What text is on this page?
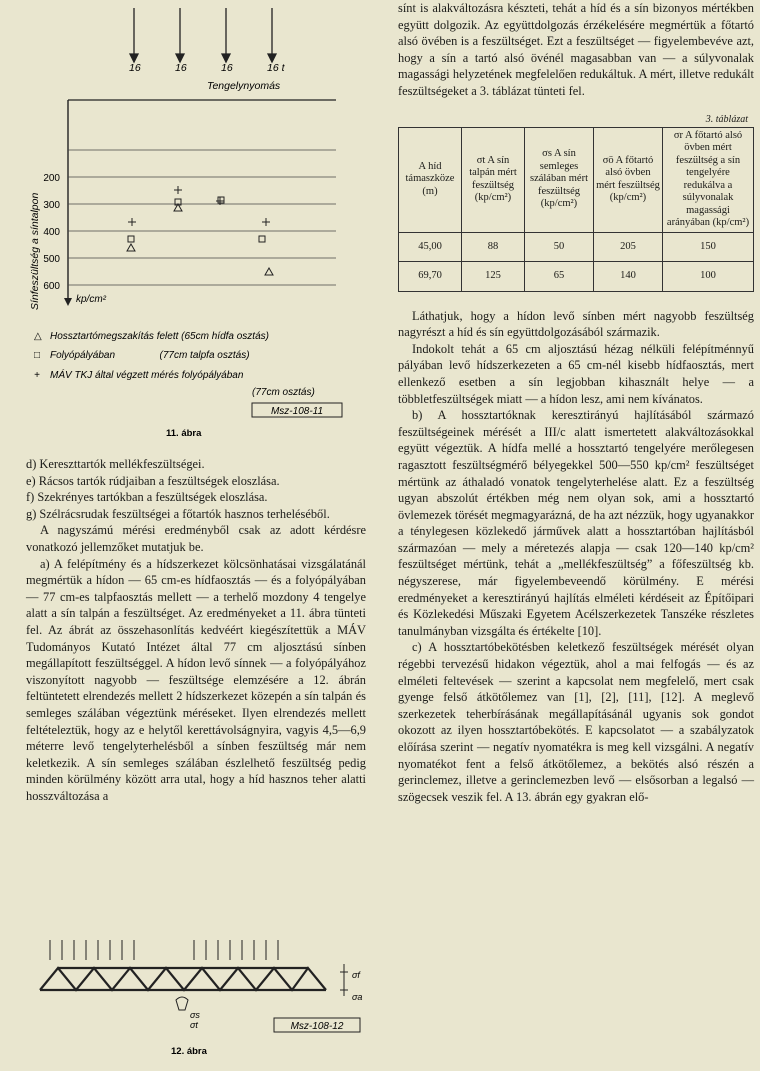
16	16	16	16 t
Tengelynyomás
200
300
400
500
600
Sínfeszültség a síntalpon	kp/cm²
△ Hossztartómegszakítás felett (65cm hídfa osztás)
□ Folyópályában                (77cm talpfa osztás)
+ MÁV TKJ által végzett mérés folyópályában
(77cm osztás)
Msz-108-11
11. ábra

d) Kereszttartók mellékfeszültségei.

e) Rácsos tartók rúdjaiban a feszültségek eloszlása.

f) Szekrényes tartókban a feszültségek eloszlása.

g) Szélrácsrudak feszültségei a főtartók hasznos terheléséből.

A nagyszámú mérési eredményből csak az adott kérdésre vonatkozó jellemzőket mutatjuk be.

a) A felépítmény és a hídszerkezet kölcsönhatásai vizsgálatánál megmértük a hídon — 65 cm-es hídfaosztás — és a folyópályában — 77 cm-es talpfaosztás mellett — a terhelő mozdony 4 tengelye alatt a sín talpán a feszültséget. Az eredményeket a 11. ábra tünteti fel. Az ábrát az összehasonlítás kedvéért kiegészítettük a MÁV Tudományos Kutató Intézet által 77 cm aljosztású sínben megállapított feszültséggel. A hídon levő sínnek — a folyópályához viszonyított nagyobb — feszültsége elemzésére a 12. ábrán feltüntetett elrendezés mellett 2 hídszerkezet közepén a sín talpán és semleges szálában végeztünk méréseket. Ilyen elrendezés mellett feltételeztük, hogy az e helytől kerettávolságnyira, vagyis 4,5—6,9 méterre levő tengelyterhelésből a sínben feszültség már nem keletkezik. A sín semleges szálában észlelhető feszültség pedig minden körülmény között arra utal, hogy a híd hasznos teher alatti hosszváltozása a

σf
σa
σs
σt	Msz-108-12
12. ábra

sínt is alakváltozásra készteti, tehát a híd és a sín bizonyos mértékben együtt dolgozik. Az együttdolgozás érzékelésére megmértük a főtartó alsó övében is a feszültséget. Ezt a feszültséget — figyelembevéve azt, hogy a sín a tartó alsó övénél magasabban van — a súlyvonalak magassági helyzetének megfelelően redukáltuk. A mért, illetve redukált feszültségeket a 3. táblázat tünteti fel.

3. táblázat
A híd támaszköze (m)	σt A sín talpán mért feszültség (kp/cm²)	σs A sín semleges szálában mért feszültség (kp/cm²)	σö A főtartó alsó övben mért feszültség (kp/cm²)	σr A főtartó alsó övben mért feszültség a sín tengelyére redukálva a súlyvonalak magassági arányában (kp/cm²)
45,00	88	50	205	150
69,70	125	65	140	100

Láthatjuk, hogy a hídon levő sínben mért nagyobb feszültség nagyrészt a híd és sín együttdolgozásából származik.

Indokolt tehát a 65 cm aljosztású hézag nélküli felépítménnyű pályában levő hídszerkezeten a 65 cm-nél kisebb hídfaosztás, mert ellenkező esetben a sín legjobban kihasznált helye — a többletfeszültségek miatt — a hídon lesz, ami nem kívánatos.

b) A hossztartóknak keresztirányú hajlításából származó feszültségeinek mérését a III/c alatt ismertetett alakváltozásokkal együtt végeztük. A hídfa mellé a hossztartó tengelyére merőlegesen ragasztott feszültségmérő bélyegekkel 500—550 kp/cm² feszültséget mértünk az áthaladó vonatok tengelyterhelése alatt. Ez a feszültség ugyan abszolút értékben még nem olyan sok, ami a hossztartó övlemezek törését megmagyarázná, de ha azt nézzük, hogy ugyanakkor a ténylegesen közlekedő járművek alatt a hossztartóban hajlításból származóan — mely a méretezés alapja — csak 120—140 kp/cm² feszültséget mértünk, tehát a „mellékfeszültség” a főfeszültség kb. négyszerese, már figyelembeveendő körülmény. E mérési eredményeket a keresztirányú hajlítás elméleti kérdéseit az Építőipari és Közlekedési Műszaki Egyetem Acélszerkezetek Tanszéke részletes tanulmányban vizsgálta és értékelte [10].

c) A hossztartóbekötésben keletkező feszültségek mérését olyan régebbi tervezésű hidakon végeztük, ahol a mai felfogás — és az elméleti feltevések — szerint a kapcsolat nem megfelelő, mert csak gyenge felső átkötőlemez van [1], [2], [11], [12]. A meglevő szerkezetek teherbírásának megállapításánál ugyanis sok gondot okozott az ilyen hossztartóbekötés. E kapcsolatot — a szabályzatok előírása szerint — negatív nyomatékra is meg kell vizsgálni. A negatív nyomatékot fent a felső átkötőlemez, a bekötés alsó részén a gerinclemez, illetve a gerinclemezben levő — elsősorban a legalsó — szögecsek veszik fel. A 13. ábrán egy gyakran elő-
